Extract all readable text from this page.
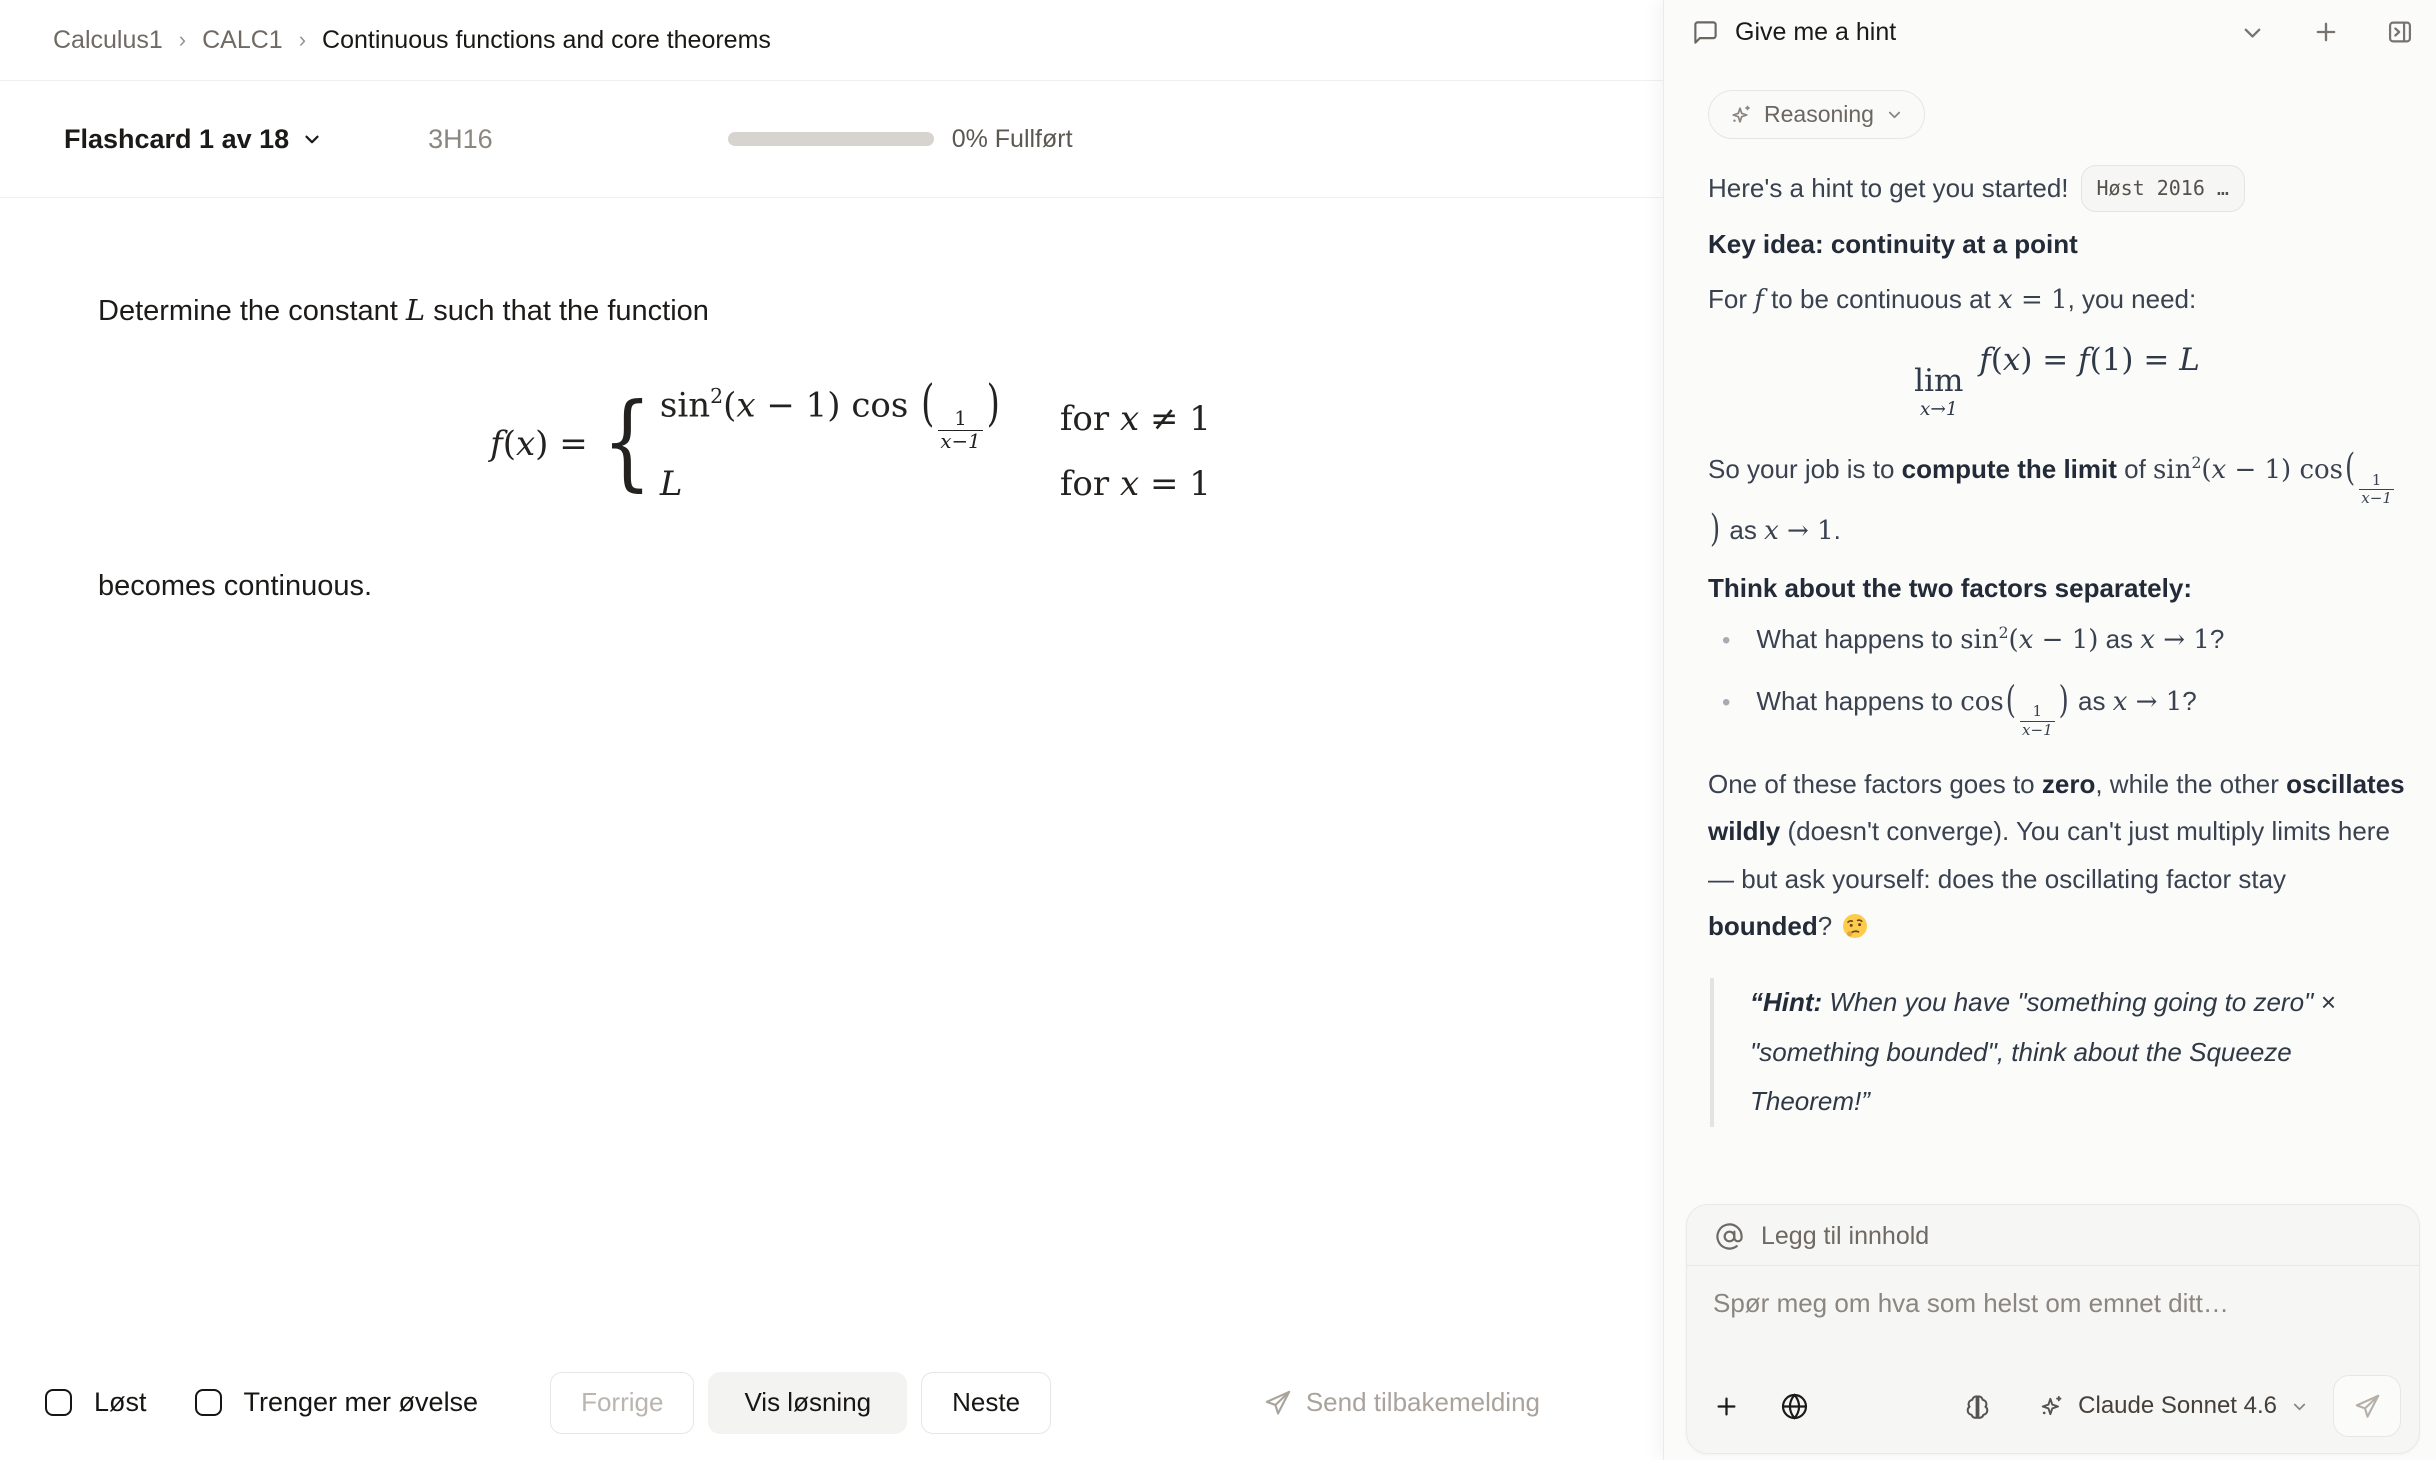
Calculus1 › CALC1 › Continuous functions and core theorems
Flashcard 1 av 18	3H16	0% Fullført

Determine the constant L such that the function

f(x) = { $\sin^2(x - 1)$ cos ( $\frac{1}{x-1}$ ) for x ≠ 1
L	for x = 1

becomes continuous.

Løst	Trenger mer øvelse	Forrige	Vis løsning	Neste	Send tilbakemelding
Give me a hint
Reasoning

Here's a hint to get you started!	Høst 2016 …

Key idea: continuity at a point

For f to be continuous at x = 1, you need:

lim
x→1
f(x) = f(1) = L

So your job is to compute the limit of $\sin^2(x - 1)$ $\cos( \frac{1}{x-1}$
) as x → 1.

Think about the two factors separately:
• What happens to $\sin^2(x - 1)$ as x → 1?
• What happens to $\cos( \frac{1}{x-1}$ ) as x → 1?

One of these factors goes to zero, while the other oscillates wildly (doesn't converge). You can't just multiply limits here — but ask yourself: does the oscillating factor stay bounded?

“Hint: When you have "something going to zero" × "something bounded", think about the Squeeze Theorem!”
Legg til innhold
Spør meg om hva som helst om emnet ditt…
Claude Sonnet 4.6
